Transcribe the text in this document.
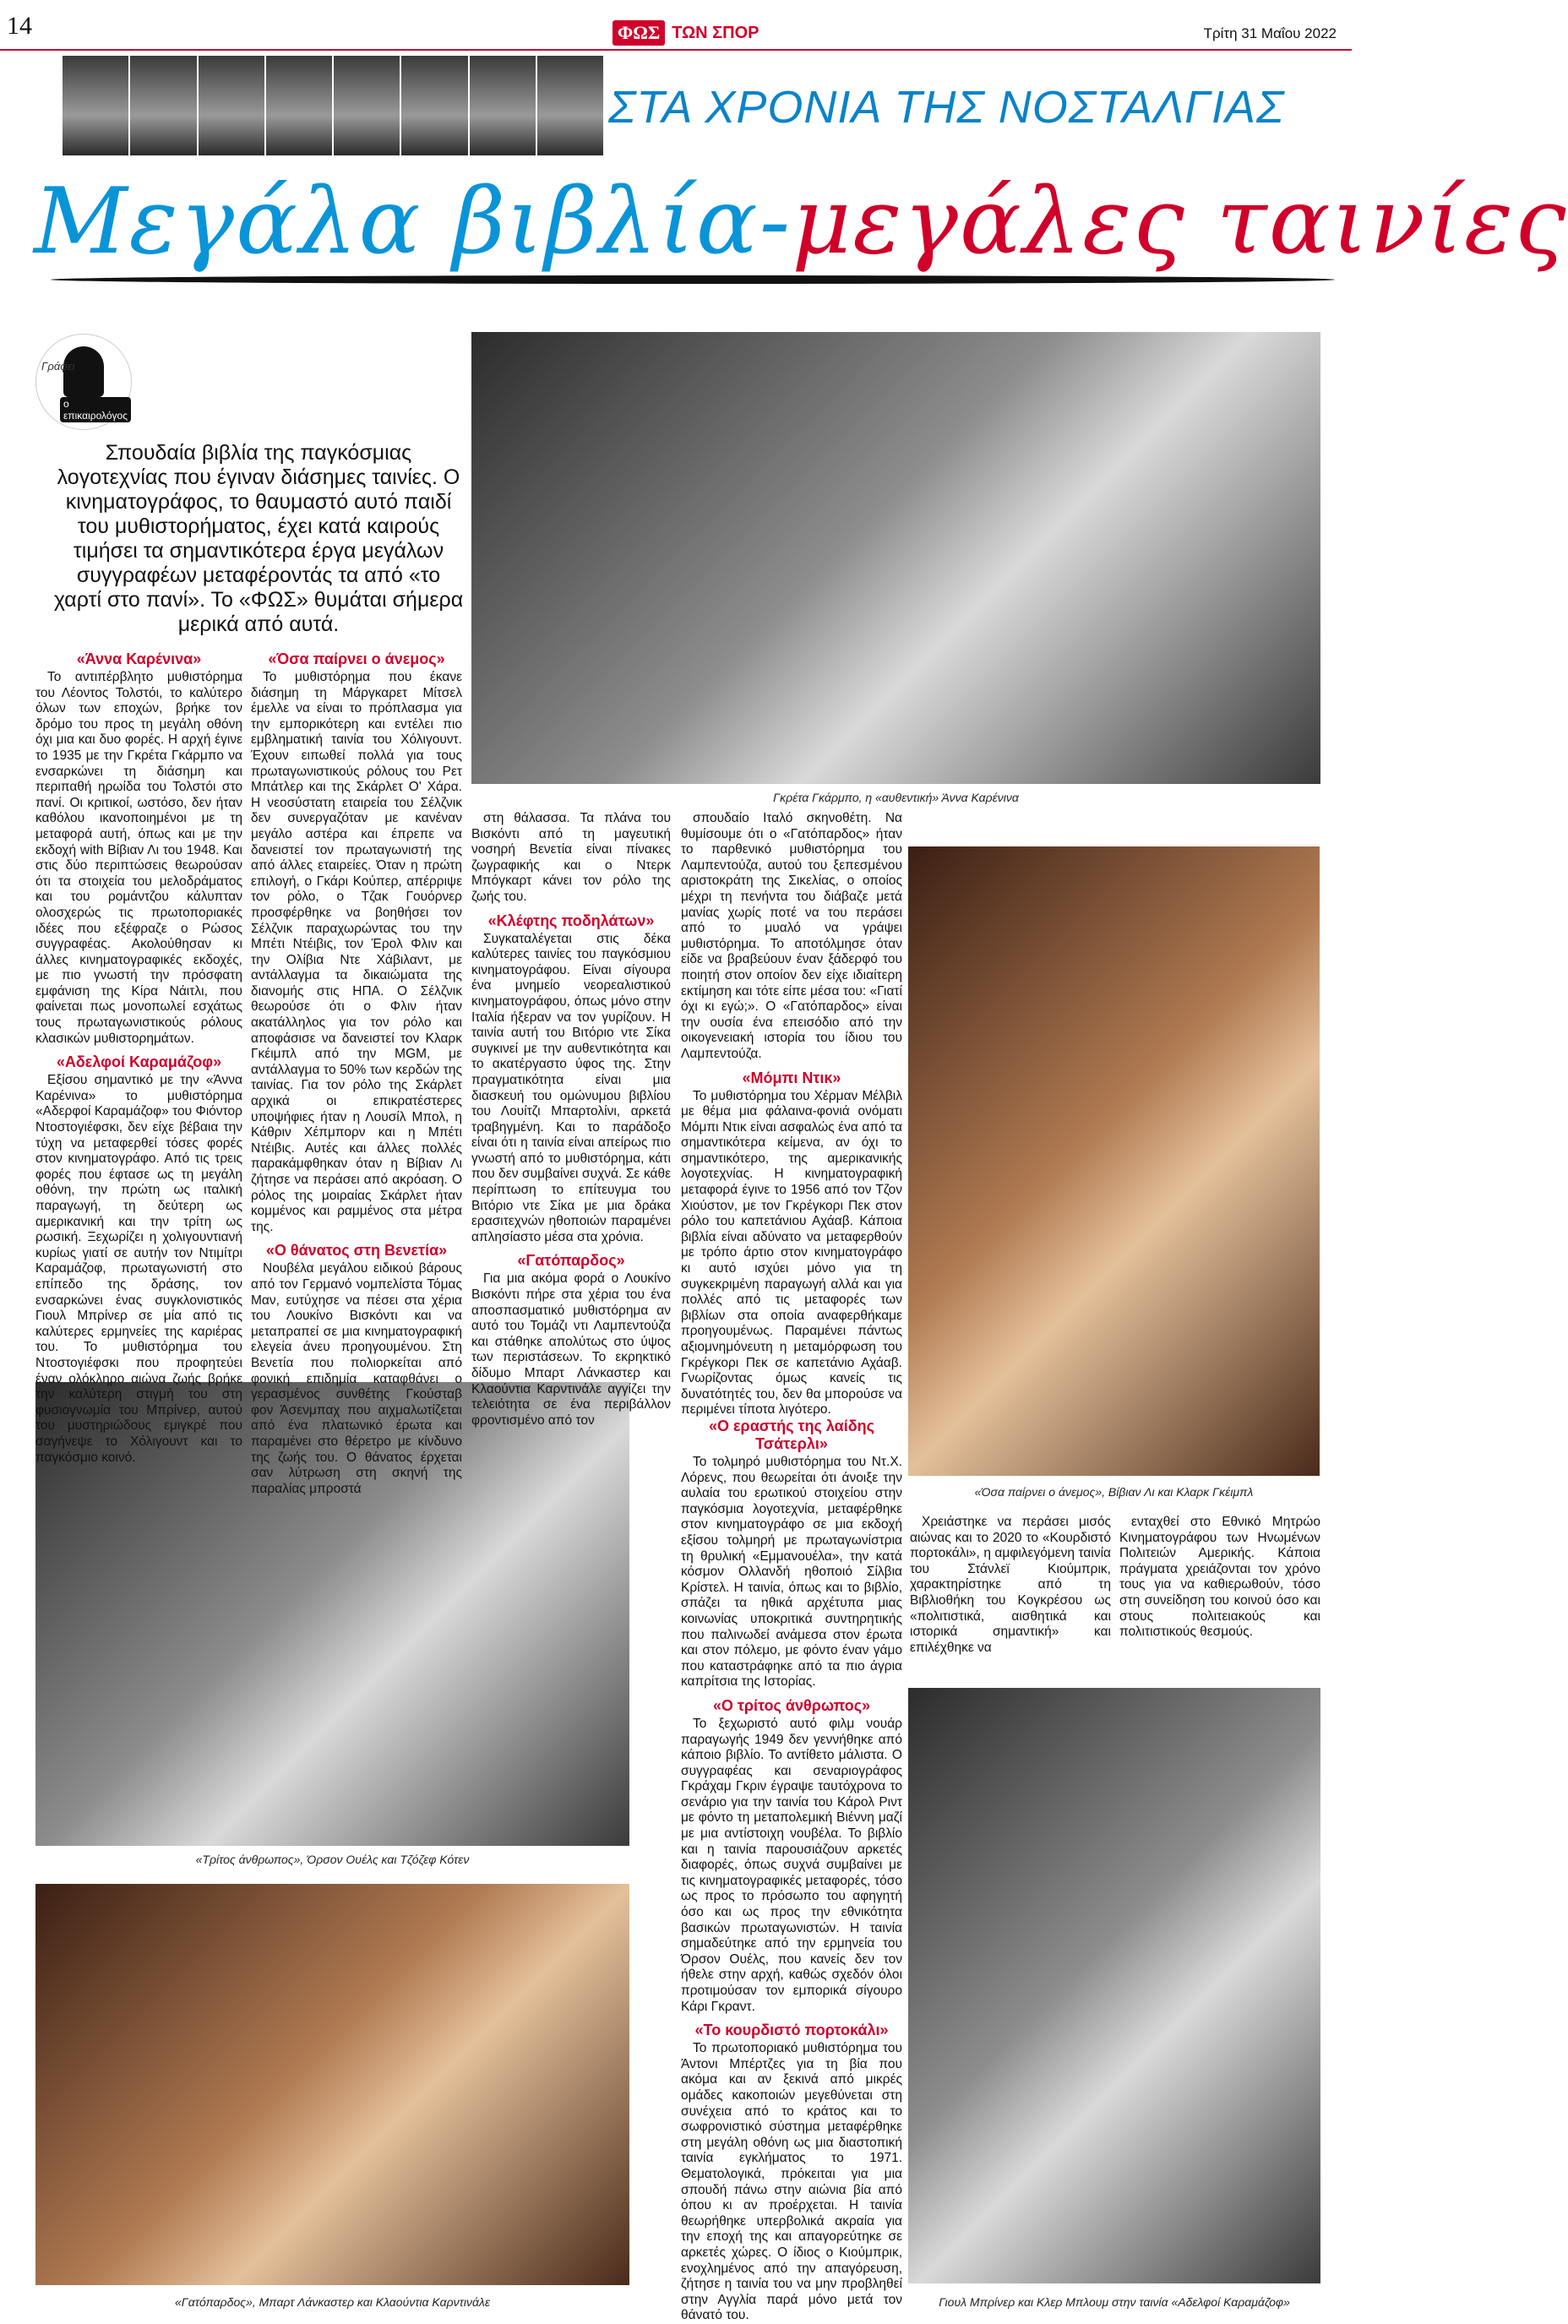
14	ΦΩΣ ΤΩΝ ΣΠΟΡ	Τρίτη 31 Μαΐου 2022
ΣΤΑ ΧΡΟΝΙΑ ΤΗΣ ΝΟΣΤΑΛΓΙΑΣ
Μεγάλα βιβλία-μεγάλες ταινίες
Γράφει
ο επικαιρολόγος
Σπουδαία βιβλία της παγκόσμιας λογοτεχνίας που έγιναν διάσημες ταινίες. Ο κινηματογράφος, το θαυμαστό αυτό παιδί του μυθιστορήματος, έχει κατά καιρούς τιμήσει τα σημαντικότερα έργα μεγάλων συγγραφέων μεταφέροντάς τα από «το χαρτί στο πανί». Το «ΦΩΣ» θυμάται σήμερα μερικά από αυτά.
Γκρέτα Γκάρμπο, η «αυθεντική» Άννα Καρένινα
«Όσα παίρνει ο άνεμος», Βίβιαν Λι και Κλαρκ Γκέιμπλ
«Τρίτος άνθρωπος», Όρσον Ουέλς και Τζόζεφ Κότεν
«Γατόπαρδος», Μπαρτ Λάνκαστερ και Κλαούντια Καρντινάλε	Γιουλ Μπρίνερ και Κλερ Μπλουμ στην ταινία «Αδελφοί Καραμάζοφ»
«Άννα Καρένινα»

Το αντιπέρβλητο μυθιστόρημα του Λέοντος Τολστόι, το καλύτερο όλων των εποχών, βρήκε τον δρόμο του προς τη μεγάλη οθόνη όχι μια και δυο φορές. Η αρχή έγινε το 1935 με την Γκρέτα Γκάρμπο να ενσαρκώνει τη διάσημη και περιπαθή ηρωίδα του Τολστόι στο πανί. Οι κριτικοί, ωστόσο, δεν ήταν καθόλου ικανοποιημένοι με τη μεταφορά αυτή, όπως και με την εκδοχή with Βίβιαν Λι του 1948. Και στις δύο περιπτώσεις θεωρούσαν ότι τα στοιχεία του μελοδράματος και του ρομάντζου κάλυπταν ολοσχερώς τις πρωτοποριακές ιδέες που εξέφραζε ο Ρώσος συγγραφέας. Ακολούθησαν κι άλλες κινηματογραφικές εκδοχές, με πιο γνωστή την πρόσφατη εμφάνιση της Κίρα Νάιτλι, που φαίνεται πως μονοπωλεί εσχάτως τους πρωταγωνιστικούς ρόλους κλασικών μυθιστορημάτων.

«Αδελφοί Καραμάζοφ»

Εξίσου σημαντικό με την «Άννα Καρένινα» το μυθιστόρημα «Αδερφοί Καραμάζοφ» του Φιόντορ Ντοστογιέφσκι, δεν είχε βέβαια την τύχη να μεταφερθεί τόσες φορές στον κινηματογράφο. Από τις τρεις φορές που έφτασε ως τη μεγάλη οθόνη, την πρώτη ως ιταλική παραγωγή, τη δεύτερη ως αμερικανική και την τρίτη ως ρωσική. Ξεχωρίζει η χολιγουντιανή κυρίως γιατί σε αυτήν τον Ντιμίτρι Καραμάζοφ, πρωταγωνιστή στο επίπεδο της δράσης, τον ενσαρκώνει ένας συγκλονιστικός Γιουλ Μπρίνερ σε μία από τις καλύτερες ερμηνείες της καριέρας του. Το μυθιστόρημα του Ντοστογιέφσκι που προφητεύει έναν ολόκληρο αιώνα ζωής βρήκε την καλύτερη στιγμή του στη φυσιογνωμία του Μπρίνερ, αυτού του μυστηριώδους εμιγκρέ που σαγήνεψε το Χόλιγουντ και το παγκόσμιο κοινό.

«Όσα παίρνει ο άνεμος»

Το μυθιστόρημα που έκανε διάσημη τη Μάργκαρετ Μίτσελ έμελλε να είναι το πρόπλασμα για την εμπορικότερη και εντέλει πιο εμβληματική ταινία του Χόλιγουντ. Έχουν ειπωθεί πολλά για τους πρωταγωνιστικούς ρόλους του Ρετ Μπάτλερ και της Σκάρλετ Ο' Χάρα. Η νεοσύστατη εταιρεία του Σέλζνικ δεν συνεργαζόταν με κανέναν μεγάλο αστέρα και έπρεπε να δανειστεί τον πρωταγωνιστή της από άλλες εταιρείες. Όταν η πρώτη επιλογή, ο Γκάρι Κούπερ, απέρριψε τον ρόλο, ο Τζακ Γουόρνερ προσφέρθηκε να βοηθήσει τον Σέλζνικ παραχωρώντας του την Μπέτι Ντέιβις, τον Έρολ Φλιν και την Ολίβια Ντε Χάβιλαντ, με αντάλλαγμα τα δικαιώματα της διανομής στις ΗΠΑ. Ο Σέλζνικ θεωρούσε ότι ο Φλιν ήταν ακατάλληλος για τον ρόλο και αποφάσισε να δανειστεί τον Κλαρκ Γκέιμπλ από την MGM, με αντάλλαγμα το 50% των κερδών της ταινίας. Για τον ρόλο της Σκάρλετ αρχικά οι επικρατέστερες υποψήφιες ήταν η Λουσίλ Μπολ, η Κάθριν Χέπμπορν και η Μπέτι Ντέιβις. Αυτές και άλλες πολλές παρακάμφθηκαν όταν η Βίβιαν Λι ζήτησε να περάσει από ακρόαση. Ο ρόλος της μοιραίας Σκάρλετ ήταν κομμένος και ραμμένος στα μέτρα της.

«Ο θάνατος στη Βενετία»

Νουβέλα μεγάλου ειδικού βάρους από τον Γερμανό νομπελίστα Τόμας Μαν, ευτύχησε να πέσει στα χέρια του Λουκίνο Βισκόντι και να μεταπραπεί σε μια κινηματογραφική ελεγεία άνευ προηγουμένου. Στη Βενετία που πολιορκείται από φονική επιδημία καταφθάνει ο γερασμένος συνθέτης Γκούσταβ φον Άσενμπαχ που αιχμαλωτίζεται από ένα πλατωνικό έρωτα και παραμένει στο θέρετρο με κίνδυνο της ζωής του. Ο θάνατος έρχεται σαν λύτρωση στη σκηνή της παραλίας μπροστά

στη θάλασσα. Τα πλάνα του Βισκόντι από τη μαγευτική νοσηρή Βενετία είναι πίνακες ζωγραφικής και ο Ντερκ Μπόγκαρτ κάνει τον ρόλο της ζωής του.

«Κλέφτης ποδηλάτων»

Συγκαταλέγεται στις δέκα καλύτερες ταινίες του παγκόσμιου κινηματογράφου. Είναι σίγουρα ένα μνημείο νεορεαλιστικού κινηματογράφου, όπως μόνο στην Ιταλία ήξεραν να τον γυρίζουν. Η ταινία αυτή του Βιτόριο ντε Σίκα συγκινεί με την αυθεντικότητα και το ακατέργαστο ύφος της. Στην πραγματικότητα είναι μια διασκευή του ομώνυμου βιβλίου του Λουίτζι Μπαρτολίνι, αρκετά τραβηγμένη. Και το παράδοξο είναι ότι η ταινία είναι απείρως πιο γνωστή από το μυθιστόρημα, κάτι που δεν συμβαίνει συχνά. Σε κάθε περίπτωση το επίτευγμα του Βιτόριο ντε Σίκα με μια δράκα ερασιτεχνών ηθοποιών παραμένει απλησίαστο μέσα στα χρόνια.

«Γατόπαρδος»

Για μια ακόμα φορά ο Λουκίνο Βισκόντι πήρε στα χέρια του ένα αποσπασματικό μυθιστόρημα αν αυτό του Τομάζι ντι Λαμπεντούζα και στάθηκε απολύτως στο ύψος των περιστάσεων. Το εκρηκτικό δίδυμο Μπαρτ Λάνκαστερ και Κλαούντια Καρντινάλε αγγίζει την τελειότητα σε ένα περιβάλλον φροντισμένο από τον

σπουδαίο Ιταλό σκηνοθέτη. Να θυμίσουμε ότι ο «Γατόπαρδος» ήταν το παρθενικό μυθιστόρημα του Λαμπεντούζα, αυτού του ξεπεσμένου αριστοκράτη της Σικελίας, ο οποίος μέχρι τη πενήντα του διάβαζε μετά μανίας χωρίς ποτέ να του περάσει από το μυαλό να γράψει μυθιστόρημα. Το αποτόλμησε όταν είδε να βραβεύουν έναν ξάδερφό του ποιητή στον οποίον δεν είχε ιδιαίτερη εκτίμηση και τότε είπε μέσα του: «Γιατί όχι κι εγώ;». Ο «Γατόπαρδος» είναι την ουσία ένα επεισόδιο από την οικογενειακή ιστορία του ίδιου του Λαμπεντούζα.

«Μόμπι Ντικ»

Το μυθιστόρημα του Χέρμαν Μέλβιλ με θέμα μια φάλαινα-φονιά ονόματι Μόμπι Ντικ είναι ασφαλώς ένα από τα σημαντικότερα κείμενα, αν όχι το σημαντικότερο, της αμερικανικής λογοτεχνίας. Η κινηματογραφική μεταφορά έγινε το 1956 από τον Τζον Χιούστον, με τον Γκρέγκορι Πεκ στον ρόλο του καπετάνιου Αχάαβ. Κάποια βιβλία είναι αδύνατο να μεταφερθούν με τρόπο άρτιο στον κινηματογράφο κι αυτό ισχύει μόνο για τη συγκεκριμένη παραγωγή αλλά και για πολλές από τις μεταφορές των βιβλίων στα οποία αναφερθήκαμε προηγουμένως. Παραμένει πάντως αξιομνημόνευτη η μεταμόρφωση του Γκρέγκορι Πεκ σε καπετάνιο Αχάαβ. Γνωρίζοντας όμως κανείς τις δυνατότητές του, δεν θα μπορούσε να περιμένει τίποτα λιγότερο.

«Ο εραστής της λαίδης Τσάτερλι»

Το τολμηρό μυθιστόρημα του Ντ.Χ. Λόρενς, που θεωρείται ότι άνοιξε την αυλαία του ερωτικού στοιχείου στην παγκόσμια λογοτεχνία, μεταφέρθηκε στον κινηματογράφο σε μια εκδοχή εξίσου τολμηρή με πρωταγωνίστρια τη θρυλική «Εμμανουέλα», την κατά κόσμον Ολλανδή ηθοποιό Σίλβια Κρίστελ. Η ταινία, όπως και το βιβλίο, σπάζει τα ηθικά αρχέτυπα μιας κοινωνίας υποκριτικά συντηρητικής που παλινωδεί ανάμεσα στον έρωτα και στον πόλεμο, με φόντο έναν γάμο που καταστράφηκε από τα πιο άγρια καπρίτσια της Ιστορίας.

«Ο τρίτος άνθρωπος»

Το ξεχωριστό αυτό φιλμ νουάρ παραγωγής 1949 δεν γεννήθηκε από κάποιο βιβλίο. Το αντίθετο μάλιστα. Ο συγγραφέας και σεναριογράφος Γκράχαμ Γκριν έγραψε ταυτόχρονα το σενάριο για την ταινία του Κάρολ Ριντ με φόντο τη μεταπολεμική Βιέννη μαζί με μια αντίστοιχη νουβέλα. Το βιβλίο και η ταινία παρουσιάζουν αρκετές διαφορές, όπως συχνά συμβαίνει με τις κινηματογραφικές μεταφορές, τόσο ως προς το πρόσωπο του αφηγητή όσο και ως προς την εθνικότητα βασικών πρωταγωνιστών. Η ταινία σημαδεύτηκε από την ερμηνεία του Όρσον Ουέλς, που κανείς δεν τον ήθελε στην αρχή, καθώς σχεδόν όλοι προτιμούσαν τον εμπορικά σίγουρο Κάρι Γκραντ.

«Το κουρδιστό πορτοκάλι»

Το πρωτοποριακό μυθιστόρημα του Άντονι Μπέρτζες για τη βία που ακόμα και αν ξεκινά από μικρές ομάδες κακοποιών μεγεθύνεται στη συνέχεια από το κράτος και το σωφρονιστικό σύστημα μεταφέρθηκε στη μεγάλη οθόνη ως μια διαστοπική ταινία εγκλήματος το 1971. Θεματολογικά, πρόκειται για μια σπουδή πάνω στην αιώνια βία από όπου κι αν προέρχεται. Η ταινία θεωρήθηκε υπερβολικά ακραία για την εποχή της και απαγορεύτηκε σε αρκετές χώρες. Ο ίδιος ο Κιούμπρικ, ενοχλημένος από την απαγόρευση, ζήτησε η ταινία του να μην προβληθεί στην Αγγλία παρά μόνο μετά τον θάνατό του.

Χρειάστηκε να περάσει μισός αιώνας και το 2020 το «Κουρδιστό πορτοκάλι», η αμφιλεγόμενη ταινία του Στάνλεϊ Κιούμπρικ, χαρακτηρίστηκε από τη Βιβλιοθήκη του Κογκρέσου ως «πολιτιστικά, αισθητικά και ιστορικά σημαντική» και επιλέχθηκε να

ενταχθεί στο Εθνικό Μητρώο Κινηματογράφου των Ηνωμένων Πολιτειών Αμερικής. Κάποια πράγματα χρειάζονται τον χρόνο τους για να καθιερωθούν, τόσο στη συνείδηση του κοινού όσο και στους πολιτειακούς και πολιτιστικούς θεσμούς.
